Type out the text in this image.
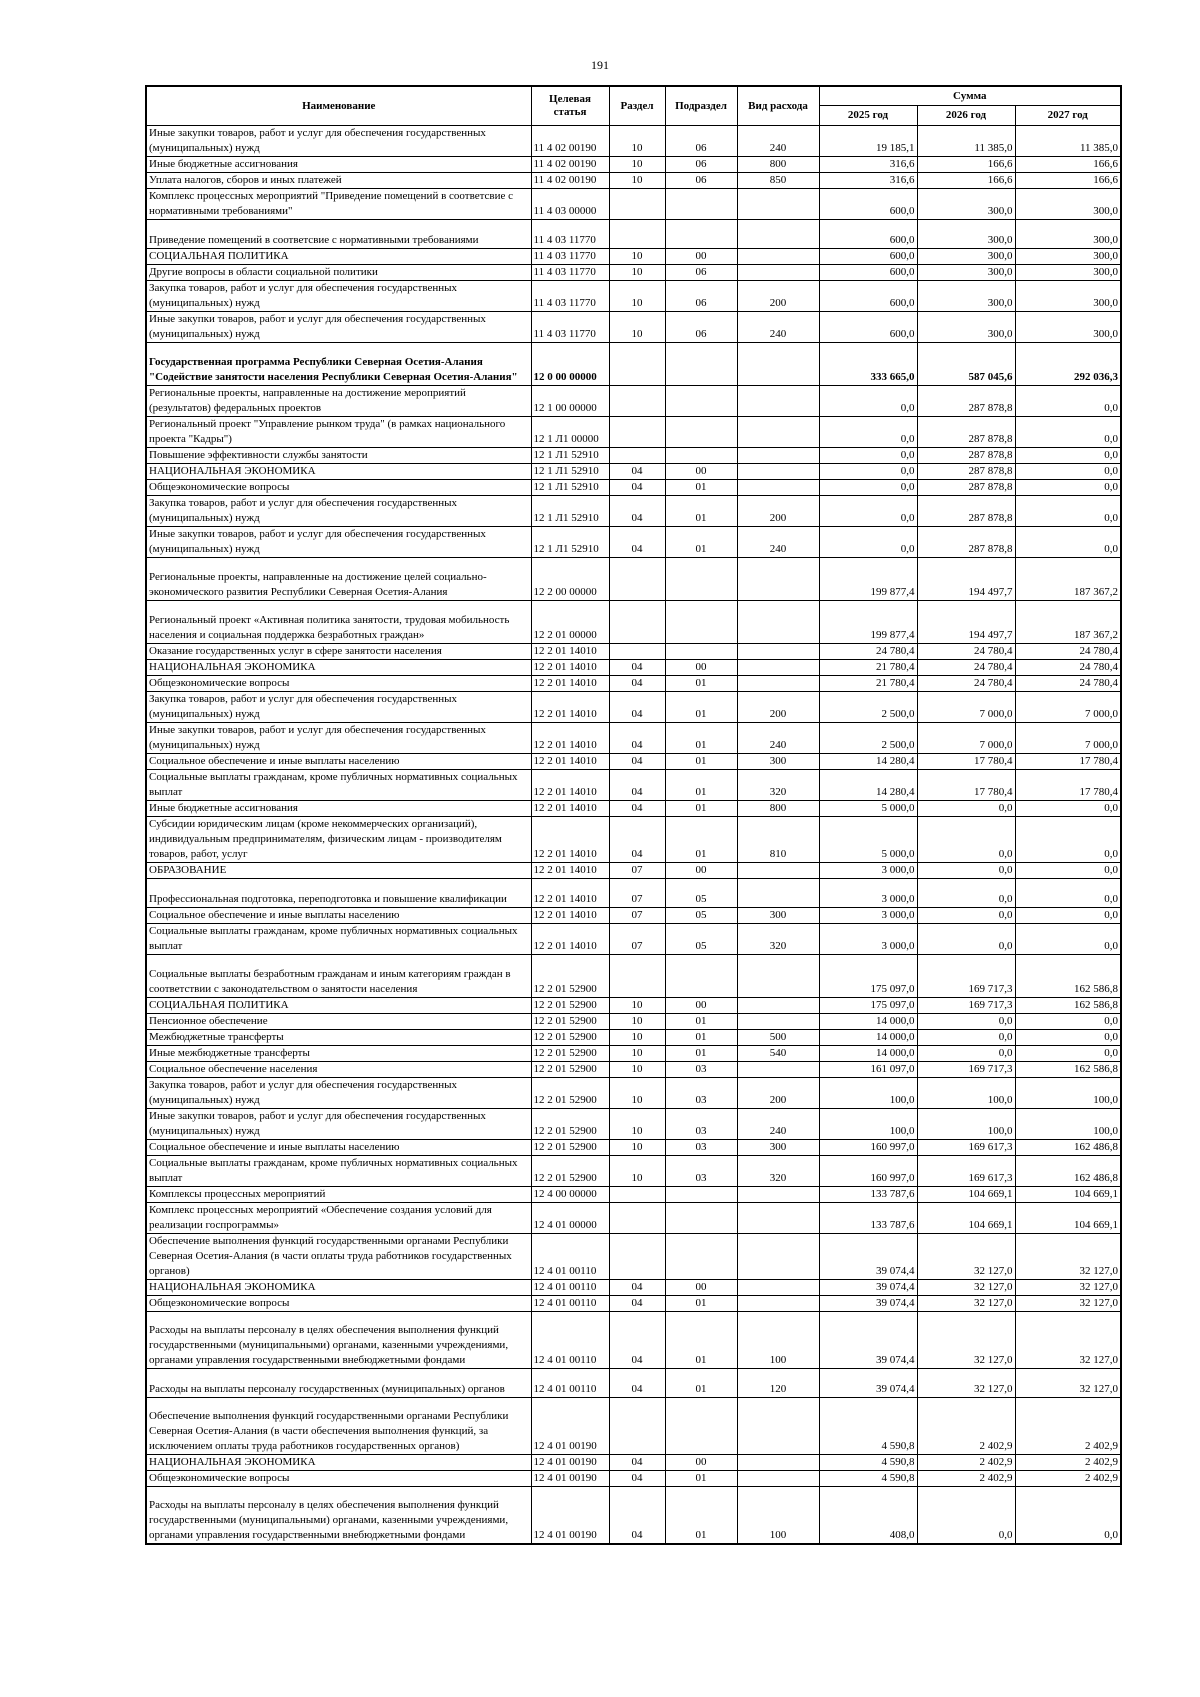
191
Наименование	Целевая статья	Раздел	Подраздел	Вид расхода	Сумма		
					2025 год	2026 год	2027 год
Иные закупки товаров, работ и услуг для обеспечения государственных (муниципальных) нужд	11 4 02 00190	10	06	240	19 185,1	11 385,0	11 385,0
Иные бюджетные ассигнования	11 4 02 00190	10	06	800	316,6	166,6	166,6
Уплата налогов, сборов и иных платежей	11 4 02 00190	10	06	850	316,6	166,6	166,6
Комплекс процессных мероприятий "Приведение помещений в соответсвие с нормативными требованиями"	11 4 03 00000				600,0	300,0	300,0
Приведение помещений в соответсвие с нормативными требованиями	11 4 03 11770				600,0	300,0	300,0
СОЦИАЛЬНАЯ ПОЛИТИКА	11 4 03 11770	10	00		600,0	300,0	300,0
Другие вопросы в области социальной политики	11 4 03 11770	10	06		600,0	300,0	300,0
Закупка товаров, работ и услуг для обеспечения государственных (муниципальных) нужд	11 4 03 11770	10	06	200	600,0	300,0	300,0
Иные закупки товаров, работ и услуг для обеспечения государственных (муниципальных) нужд	11 4 03 11770	10	06	240	600,0	300,0	300,0
Государственная программа Республики Северная Осетия-Алания "Содействие занятости населения Республики Северная Осетия-Алания"	12 0 00 00000				333 665,0	587 045,6	292 036,3
Региональные проекты, направленные на достижение мероприятий (результатов) федеральных проектов	12 1 00 00000				0,0	287 878,8	0,0
Региональный проект "Управление рынком труда" (в рамках национального проекта "Кадры")	12 1 Л1 00000				0,0	287 878,8	0,0
Повышение эффективности службы занятости	12 1 Л1 52910				0,0	287 878,8	0,0
НАЦИОНАЛЬНАЯ ЭКОНОМИКА	12 1 Л1 52910	04	00		0,0	287 878,8	0,0
Общеэкономические вопросы	12 1 Л1 52910	04	01		0,0	287 878,8	0,0
Закупка товаров, работ и услуг для обеспечения государственных (муниципальных) нужд	12 1 Л1 52910	04	01	200	0,0	287 878,8	0,0
Иные закупки товаров, работ и услуг для обеспечения государственных (муниципальных) нужд	12 1 Л1 52910	04	01	240	0,0	287 878,8	0,0
Региональные проекты, направленные на достижение целей социально-экономического развития Республики Северная Осетия-Алания	12 2 00 00000				199 877,4	194 497,7	187 367,2
Региональный проект «Активная политика занятости, трудовая мобильность населения и социальная поддержка безработных граждан»	12 2 01 00000				199 877,4	194 497,7	187 367,2
Оказание государственных услуг в сфере занятости населения	12 2 01 14010				24 780,4	24 780,4	24 780,4
НАЦИОНАЛЬНАЯ ЭКОНОМИКА	12 2 01 14010	04	00		21 780,4	24 780,4	24 780,4
Общеэкономические вопросы	12 2 01 14010	04	01		21 780,4	24 780,4	24 780,4
Закупка товаров, работ и услуг для обеспечения государственных (муниципальных) нужд	12 2 01 14010	04	01	200	2 500,0	7 000,0	7 000,0
Иные закупки товаров, работ и услуг для обеспечения государственных (муниципальных) нужд	12 2 01 14010	04	01	240	2 500,0	7 000,0	7 000,0
Социальное обеспечение и иные выплаты населению	12 2 01 14010	04	01	300	14 280,4	17 780,4	17 780,4
Социальные выплаты гражданам, кроме публичных нормативных социальных выплат	12 2 01 14010	04	01	320	14 280,4	17 780,4	17 780,4
Иные бюджетные ассигнования	12 2 01 14010	04	01	800	5 000,0	0,0	0,0
Субсидии юридическим лицам (кроме некоммерческих организаций), индивидуальным предпринимателям, физическим лицам - производителям товаров, работ, услуг	12 2 01 14010	04	01	810	5 000,0	0,0	0,0
ОБРАЗОВАНИЕ	12 2 01 14010	07	00		3 000,0	0,0	0,0
Профессиональная подготовка, переподготовка и повышение квалификации	12 2 01 14010	07	05		3 000,0	0,0	0,0
Социальное обеспечение и иные выплаты населению	12 2 01 14010	07	05	300	3 000,0	0,0	0,0
Социальные выплаты гражданам, кроме публичных нормативных социальных выплат	12 2 01 14010	07	05	320	3 000,0	0,0	0,0
Социальные выплаты безработным гражданам и иным категориям граждан в соответствии с законодательством о занятости населения	12 2 01 52900				175 097,0	169 717,3	162 586,8
СОЦИАЛЬНАЯ ПОЛИТИКА	12 2 01 52900	10	00		175 097,0	169 717,3	162 586,8
Пенсионное обеспечение	12 2 01 52900	10	01		14 000,0	0,0	0,0
Межбюджетные трансферты	12 2 01 52900	10	01	500	14 000,0	0,0	0,0
Иные межбюджетные трансферты	12 2 01 52900	10	01	540	14 000,0	0,0	0,0
Социальное обеспечение населения	12 2 01 52900	10	03		161 097,0	169 717,3	162 586,8
Закупка товаров, работ и услуг для обеспечения государственных (муниципальных) нужд	12 2 01 52900	10	03	200	100,0	100,0	100,0
Иные закупки товаров, работ и услуг для обеспечения государственных (муниципальных) нужд	12 2 01 52900	10	03	240	100,0	100,0	100,0
Социальное обеспечение и иные выплаты населению	12 2 01 52900	10	03	300	160 997,0	169 617,3	162 486,8
Социальные выплаты гражданам, кроме публичных нормативных социальных выплат	12 2 01 52900	10	03	320	160 997,0	169 617,3	162 486,8
Комплексы процессных мероприятий	12 4 00 00000				133 787,6	104 669,1	104 669,1
Комплекс процессных мероприятий «Обеспечение создания условий для реализации госпрограммы»	12 4 01 00000				133 787,6	104 669,1	104 669,1
Обеспечение выполнения функций государственными органами Республики Северная Осетия-Алания (в части оплаты труда работников государственных органов)	12 4 01 00110				39 074,4	32 127,0	32 127,0
НАЦИОНАЛЬНАЯ ЭКОНОМИКА	12 4 01 00110	04	00		39 074,4	32 127,0	32 127,0
Общеэкономические вопросы	12 4 01 00110	04	01		39 074,4	32 127,0	32 127,0
Расходы на выплаты персоналу в целях обеспечения выполнения функций государственными (муниципальными) органами, казенными учреждениями, органами управления государственными внебюджетными фондами	12 4 01 00110	04	01	100	39 074,4	32 127,0	32 127,0
Расходы на выплаты персоналу государственных (муниципальных) органов	12 4 01 00110	04	01	120	39 074,4	32 127,0	32 127,0
Обеспечение выполнения функций государственными органами Республики Северная Осетия-Алания (в части обеспечения выполнения функций, за исключением оплаты труда работников государственных органов)	12 4 01 00190				4 590,8	2 402,9	2 402,9
НАЦИОНАЛЬНАЯ ЭКОНОМИКА	12 4 01 00190	04	00		4 590,8	2 402,9	2 402,9
Общеэкономические вопросы	12 4 01 00190	04	01		4 590,8	2 402,9	2 402,9
Расходы на выплаты персоналу в целях обеспечения выполнения функций государственными (муниципальными) органами, казенными учреждениями, органами управления государственными внебюджетными фондами	12 4 01 00190	04	01	100	408,0	0,0	0,0
